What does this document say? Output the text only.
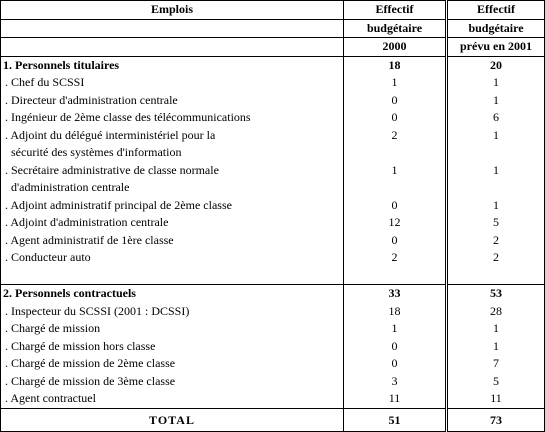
Emplois	Effectif	Effectif
	budgétaire	budgétaire
	2000	prévu en 2001
1. Personnels titulaires	18	20
. Chef du SCSSI	1	1
. Directeur d'administration centrale	0	1
. Ingénieur de 2ème classe des télécommunications	0	6
. Adjoint du délégué interministériel pour la	2	1
sécurité des systèmes d'information		
. Secrétaire administrative de classe normale	1	1
d'administration centrale		
. Adjoint administratif principal de 2ème classe	0	1
. Adjoint d'administration centrale	12	5
. Agent administratif de 1ère classe	0	2
. Conducteur auto	2	2

2. Personnels contractuels	33	53
. Inspecteur du SCSSI (2001 : DCSSI)	18	28
. Chargé de mission	1	1
. Chargé de mission hors classe	0	1
. Chargé de mission de 2ème classe	0	7
. Chargé de mission de 3ème classe	3	5
. Agent contractuel	11	11
TOTAL	51	73
